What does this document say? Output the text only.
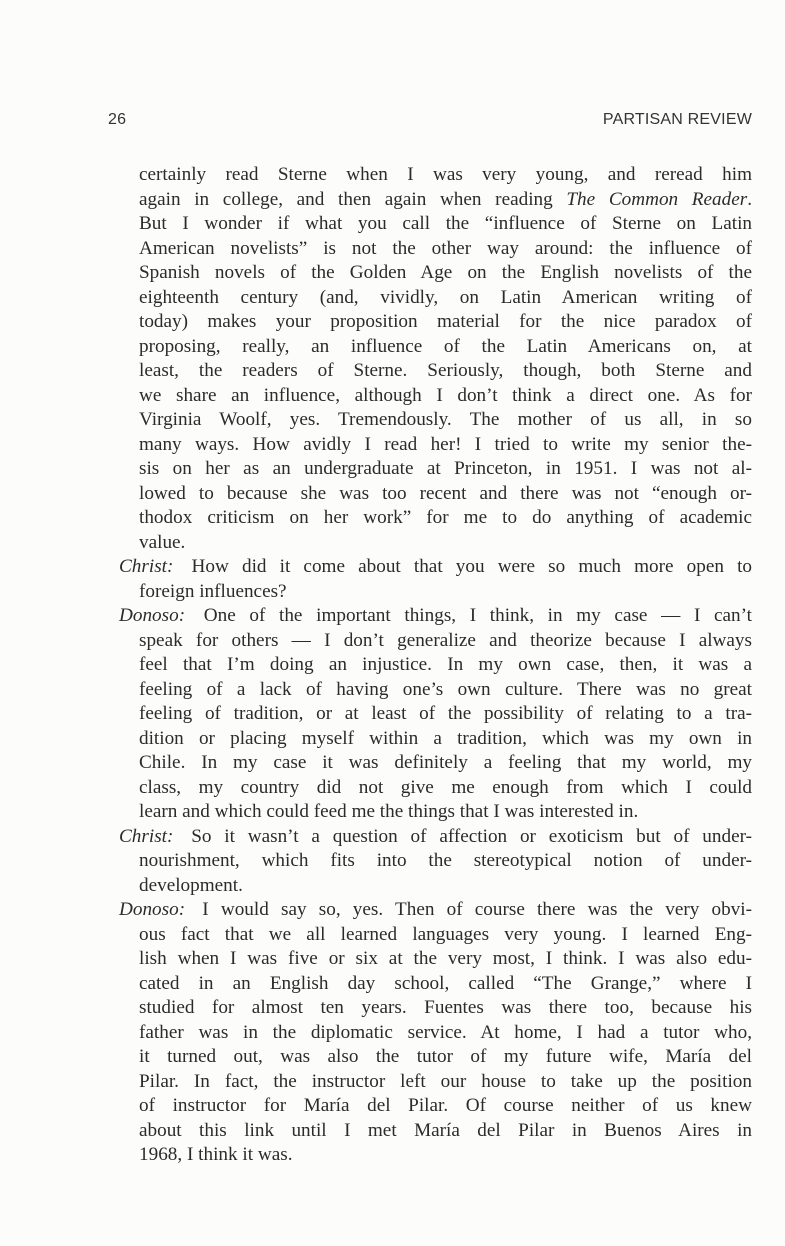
26	PARTISAN REVIEW
certainly read Sterne when I was very young, and reread him
again in college, and then again when reading The Common Reader.
But I wonder if what you call the “influence of Sterne on Latin
American novelists” is not the other way around: the influence of
Spanish novels of the Golden Age on the English novelists of the
eighteenth century (and, vividly, on Latin American writing of
today) makes your proposition material for the nice paradox of
proposing, really, an influence of the Latin Americans on, at
least, the readers of Sterne. Seriously, though, both Sterne and
we share an influence, although I don’t think a direct one. As for
Virginia Woolf, yes. Tremendously. The mother of us all, in so
many ways. How avidly I read her! I tried to write my senior the-
sis on her as an undergraduate at Princeton, in 1951. I was not al-
lowed to because she was too recent and there was not “enough or-
thodox criticism on her work” for me to do anything of academic
value.
Christ: How did it come about that you were so much more open to
foreign influences?
Donoso: One of the important things, I think, in my case — I can’t
speak for others — I don’t generalize and theorize because I always
feel that I’m doing an injustice. In my own case, then, it was a
feeling of a lack of having one’s own culture. There was no great
feeling of tradition, or at least of the possibility of relating to a tra-
dition or placing myself within a tradition, which was my own in
Chile. In my case it was definitely a feeling that my world, my
class, my country did not give me enough from which I could
learn and which could feed me the things that I was interested in.
Christ: So it wasn’t a question of affection or exoticism but of under-
nourishment, which fits into the stereotypical notion of under-
development.
Donoso: I would say so, yes. Then of course there was the very obvi-
ous fact that we all learned languages very young. I learned Eng-
lish when I was five or six at the very most, I think. I was also edu-
cated in an English day school, called “The Grange,” where I
studied for almost ten years. Fuentes was there too, because his
father was in the diplomatic service. At home, I had a tutor who,
it turned out, was also the tutor of my future wife, María del
Pilar. In fact, the instructor left our house to take up the position
of instructor for María del Pilar. Of course neither of us knew
about this link until I met María del Pilar in Buenos Aires in
1968, I think it was.
